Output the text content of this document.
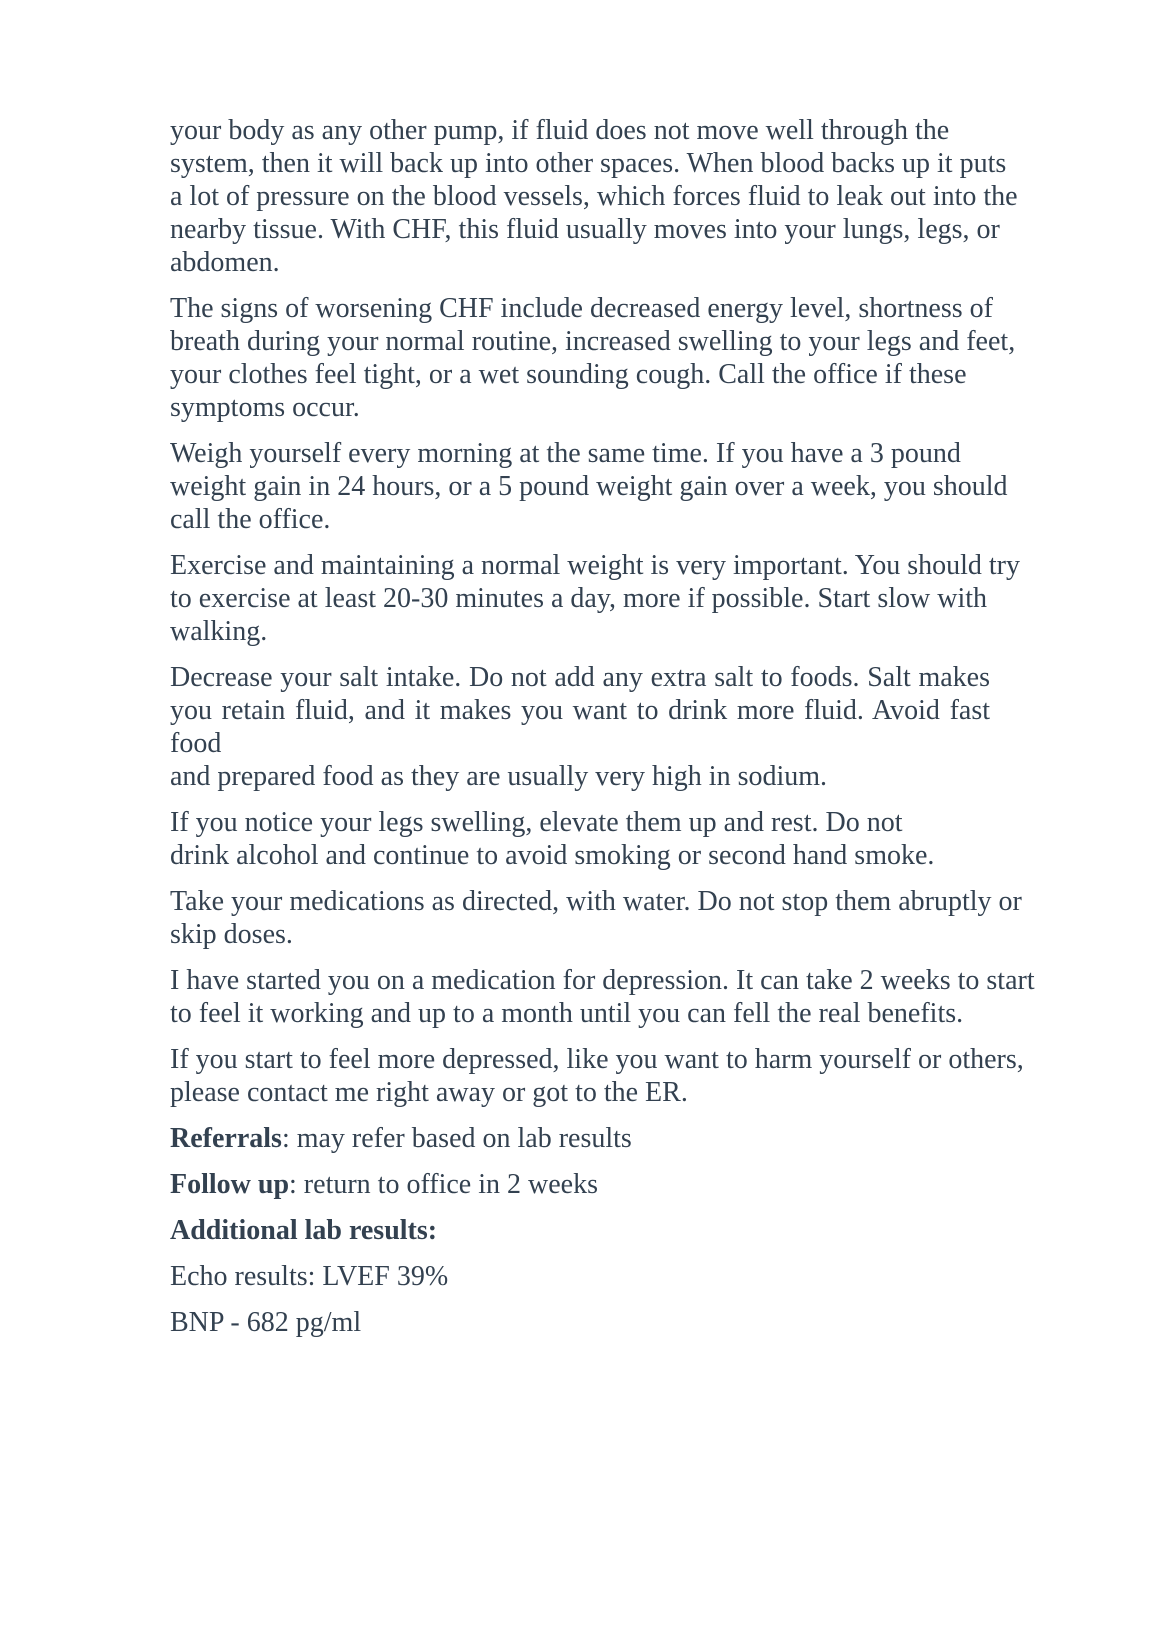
your body as any other pump, if fluid does not move well through the
system, then it will back up into other spaces. When blood backs up it puts
a lot of pressure on the blood vessels, which forces fluid to leak out into the
nearby tissue. With CHF, this fluid usually moves into your lungs, legs, or
abdomen.

The signs of worsening CHF include decreased energy level, shortness of
breath during your normal routine, increased swelling to your legs and feet,
your clothes feel tight, or a wet sounding cough. Call the office if these
symptoms occur.

Weigh yourself every morning at the same time. If you have a 3 pound
weight gain in 24 hours, or a 5 pound weight gain over a week, you should
call the office.

Exercise and maintaining a normal weight is very important. You should try
to exercise at least 20-30 minutes a day, more if possible. Start slow with
walking.

Decrease your salt intake. Do not add any extra salt to foods. Salt makes
you retain fluid, and it makes you want to drink more fluid. Avoid fast food
and prepared food as they are usually very high in sodium.

If you notice your legs swelling, elevate them up and rest. Do not
drink alcohol and continue to avoid smoking or second hand smoke.

Take your medications as directed, with water. Do not stop them abruptly or
skip doses.

I have started you on a medication for depression. It can take 2 weeks to start
to feel it working and up to a month until you can fell the real benefits.

If you start to feel more depressed, like you want to harm yourself or others,
please contact me right away or got to the ER.

Referrals: may refer based on lab results

Follow up: return to office in 2 weeks

Additional lab results:

Echo results: LVEF 39%

BNP - 682 pg/ml
